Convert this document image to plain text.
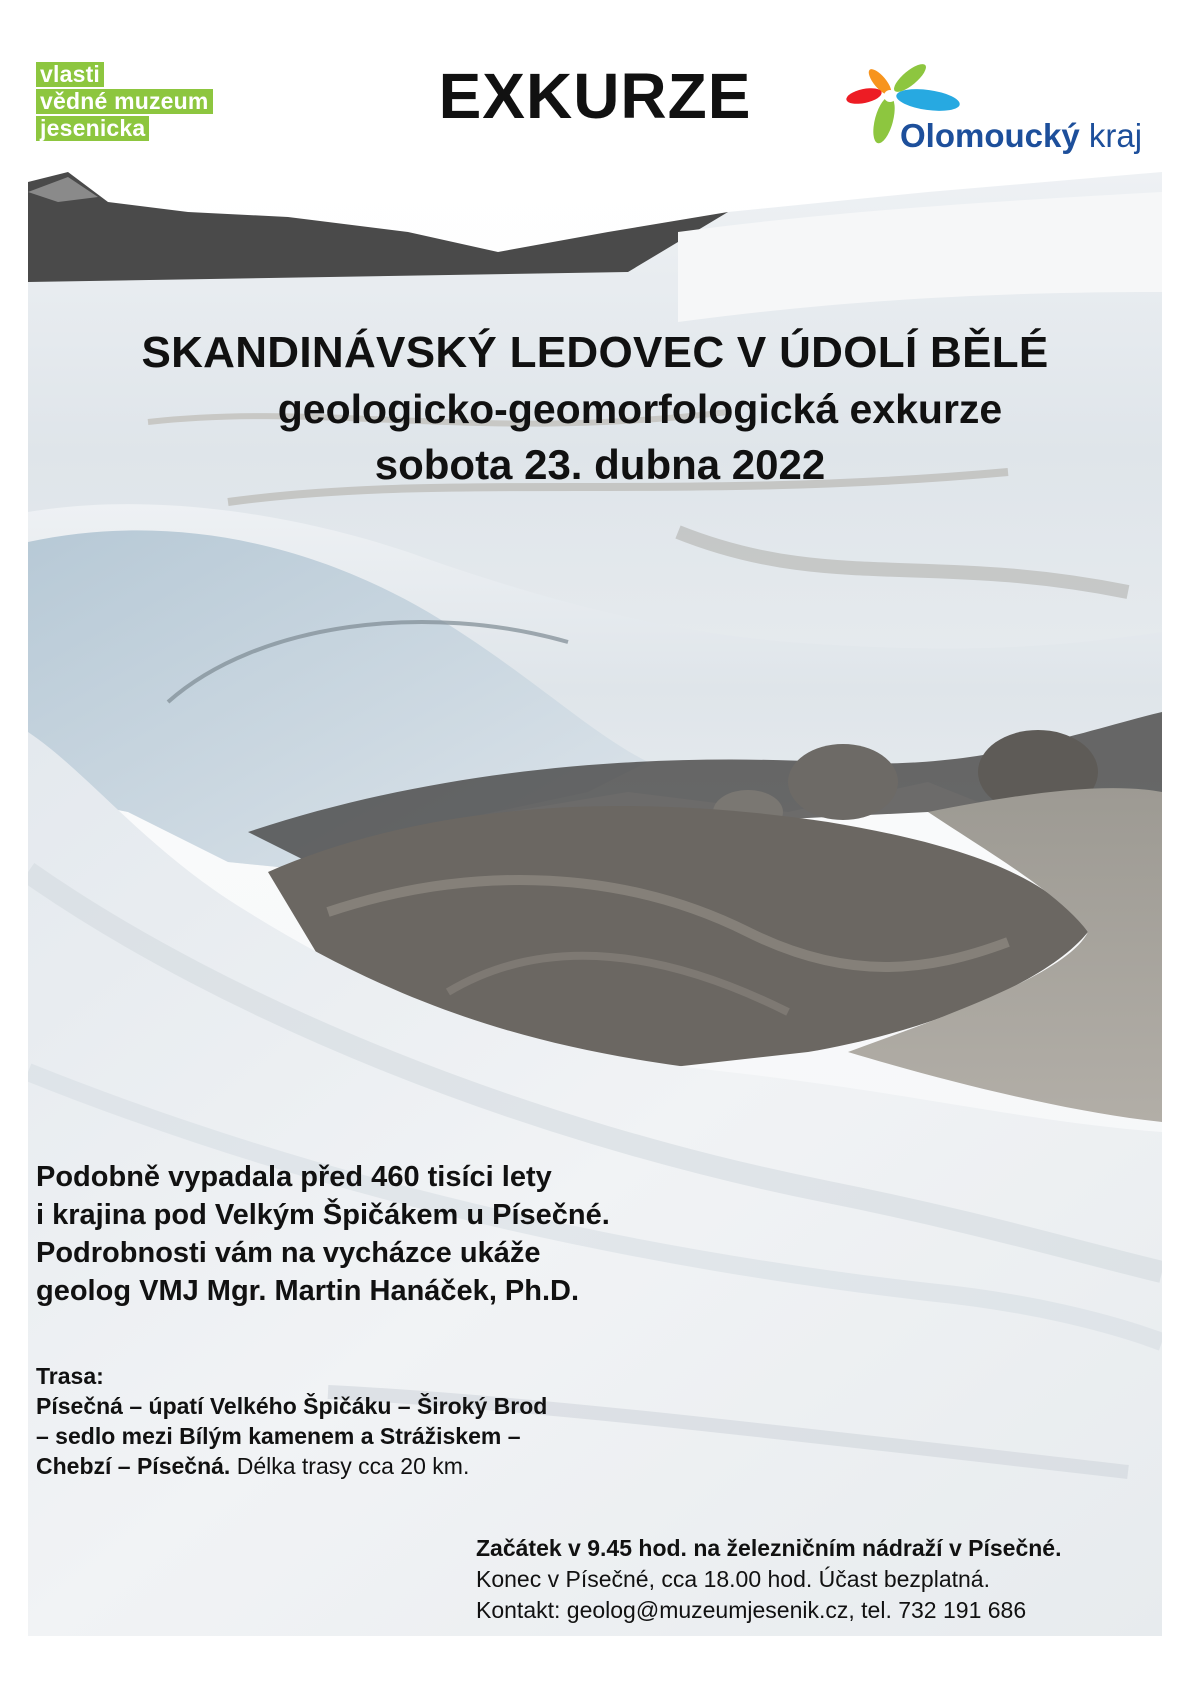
vlasti
vědné muzeum
jesenicka	EXKURZE
Olomoucký kraj
SKANDINÁVSKÝ LEDOVEC V ÚDOLÍ BĚLÉ
geologicko-geomorfologická exkurze
sobota 23. dubna 2022
Podobně vypadala před 460 tisíci lety
i krajina pod Velkým Špičákem u Písečné.
Podrobnosti vám na vycházce ukáže
geolog VMJ Mgr. Martin Hanáček, Ph.D.
Trasa:
Písečná – úpatí Velkého Špičáku – Široký Brod
– sedlo mezi Bílým kamenem a Strážiskem –
Chebzí – Písečná. Délka trasy cca 20 km.
Začátek v 9.45 hod. na železničním nádraží v Písečné.
Konec v Písečné, cca 18.00 hod. Účast bezplatná.
Kontakt: geolog@muzeumjesenik.cz, tel. 732 191 686
